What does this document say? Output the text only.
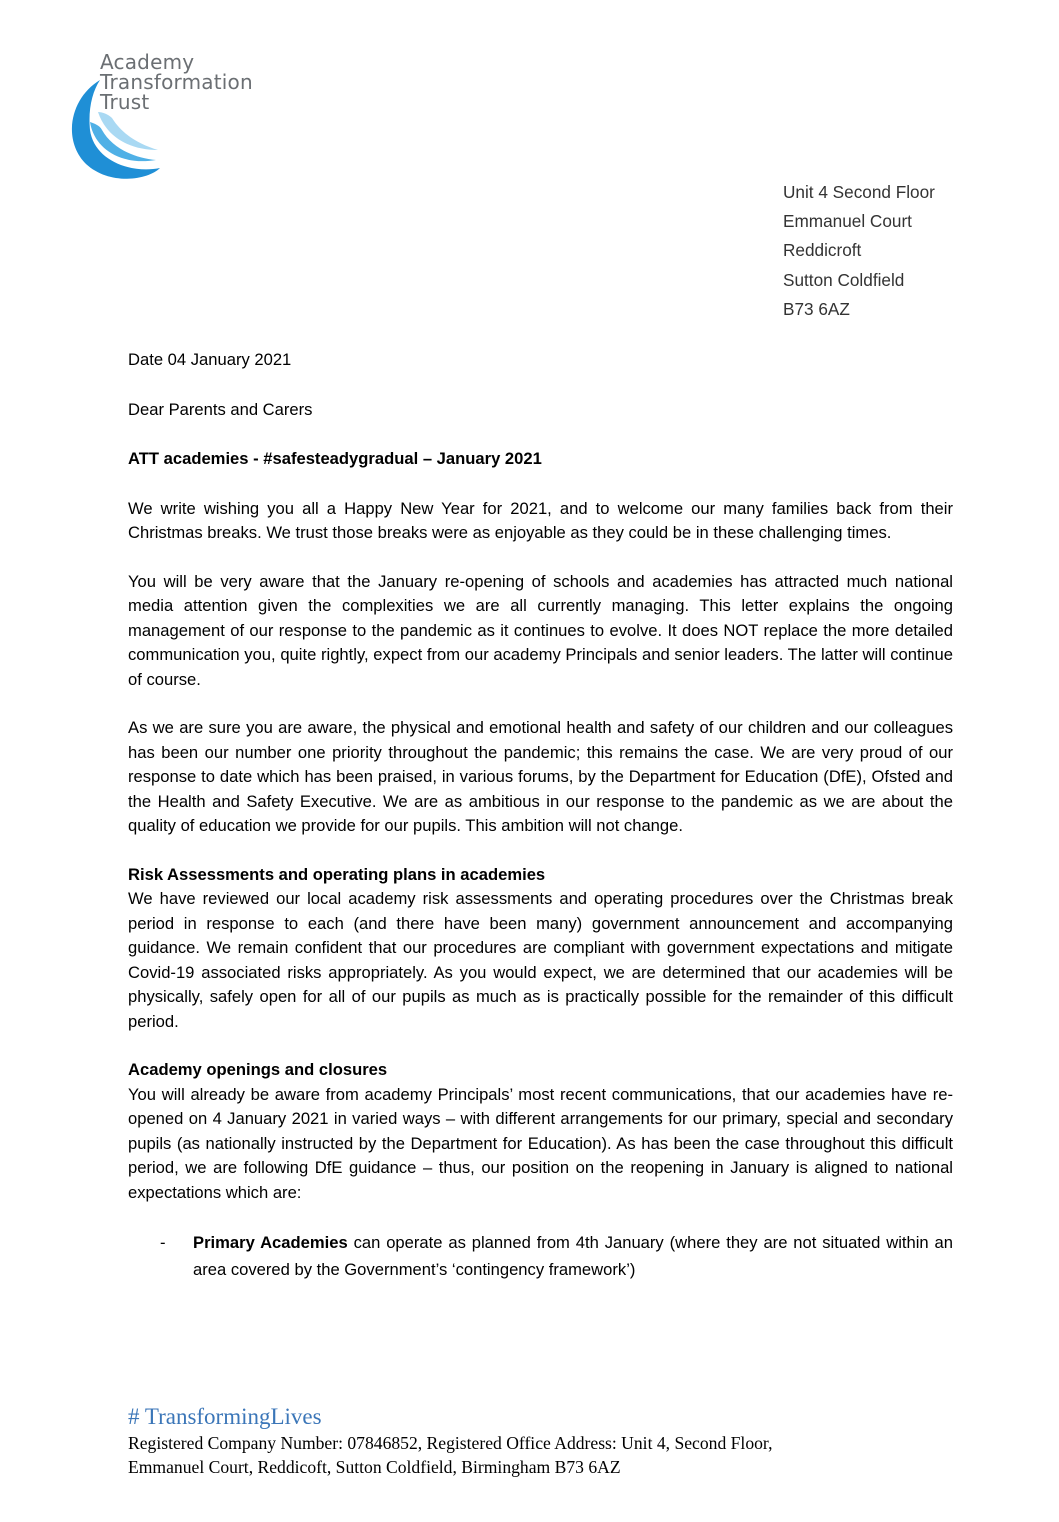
Academy
Transformation
Trust
Unit 4 Second Floor
Emmanuel Court
Reddicroft
Sutton Coldfield
B73 6AZ

Date 04 January 2021

Dear Parents and Carers

ATT academies - #safesteadygradual – January 2021

We write wishing you all a Happy New Year for 2021, and to welcome our many families back from their Christmas breaks. We trust those breaks were as enjoyable as they could be in these challenging times.

You will be very aware that the January re-opening of schools and academies has attracted much national media attention given the complexities we are all currently managing. This letter explains the ongoing management of our response to the pandemic as it continues to evolve. It does NOT replace the more detailed communication you, quite rightly, expect from our academy Principals and senior leaders. The latter will continue of course.

As we are sure you are aware, the physical and emotional health and safety of our children and our colleagues has been our number one priority throughout the pandemic; this remains the case. We are very proud of our response to date which has been praised, in various forums, by the Department for Education (DfE), Ofsted and the Health and Safety Executive. We are as ambitious in our response to the pandemic as we are about the quality of education we provide for our pupils. This ambition will not change.

Risk Assessments and operating plans in academies

We have reviewed our local academy risk assessments and operating procedures over the Christmas break period in response to each (and there have been many) government announcement and accompanying guidance. We remain confident that our procedures are compliant with government expectations and mitigate Covid-19 associated risks appropriately. As you would expect, we are determined that our academies will be physically, safely open for all of our pupils as much as is practically possible for the remainder of this difficult period.

Academy openings and closures

You will already be aware from academy Principals’ most recent communications, that our academies have re- opened on 4 January 2021 in varied ways – with different arrangements for our primary, special and secondary pupils (as nationally instructed by the Department for Education). As has been the case throughout this difficult period, we are following DfE guidance – thus, our position on the reopening in January is aligned to national expectations which are:

- Primary Academies can operate as planned from 4th January (where they are not situated within an area covered by the Government’s ‘contingency framework’)
# TransformingLives
Registered Company Number: 07846852, Registered Office Address: Unit 4, Second Floor,
Emmanuel Court, Reddicoft, Sutton Coldfield, Birmingham B73 6AZ
